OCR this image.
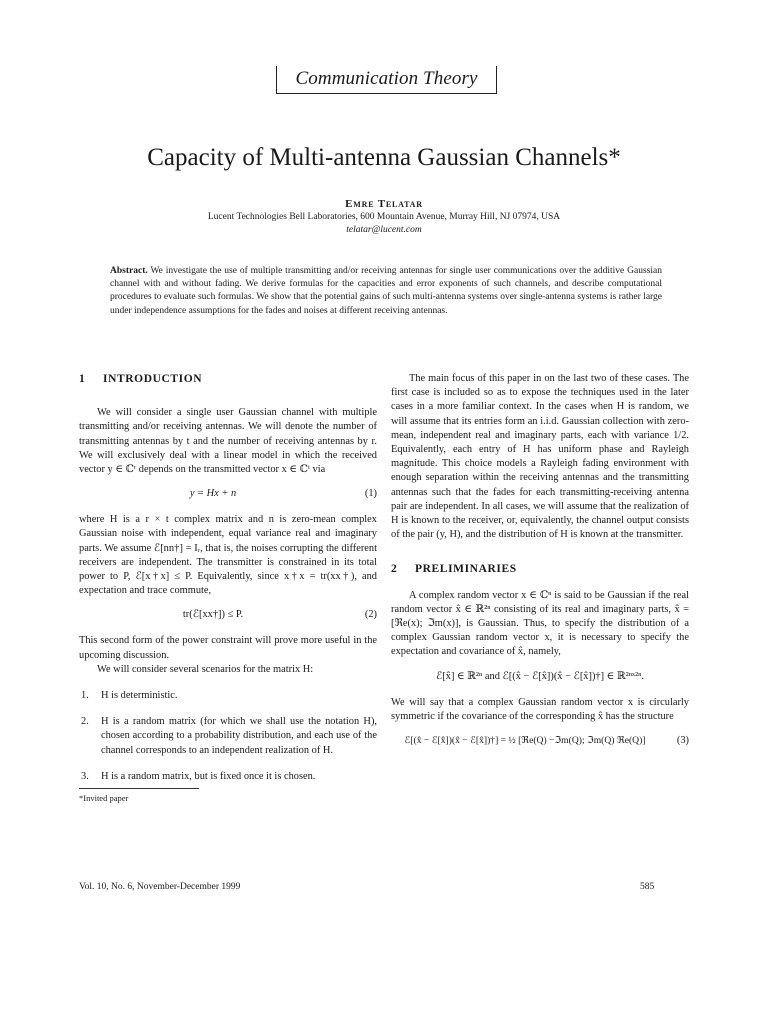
Communication Theory
Capacity of Multi-antenna Gaussian Channels*
Emre Telatar
Lucent Technologies Bell Laboratories, 600 Mountain Avenue, Murray Hill, NJ 07974, USA
telatar@lucent.com
Abstract. We investigate the use of multiple transmitting and/or receiving antennas for single user communications over the additive Gaussian channel with and without fading. We derive formulas for the capacities and error exponents of such channels, and describe computational procedures to evaluate such formulas. We show that the potential gains of such multi-antenna systems over single-antenna systems is rather large under independence assumptions for the fades and noises at different receiving antennas.
1 INTRODUCTION
We will consider a single user Gaussian channel with multiple transmitting and/or receiving antennas. We will denote the number of transmitting antennas by t and the number of receiving antennas by r. We will exclusively deal with a linear model in which the received vector y ∈ ℂʳ depends on the transmitted vector x ∈ ℂᵗ via
y = Hx + n	(1)
where H is a r × t complex matrix and n is zero-mean complex Gaussian noise with independent, equal variance real and imaginary parts. We assume ℰ[nn†] = Iᵣ, that is, the noises corrupting the different receivers are independent. The transmitter is constrained in its total power to P, ℰ[x†x] ≤ P. Equivalently, since x†x = tr(xx†), and expectation and trace commute,
tr(ℰ[xx†]) ≤ P.	(2)
This second form of the power constraint will prove more useful in the upcoming discussion.
We will consider several scenarios for the matrix H:
1. H is deterministic.
2. H is a random matrix (for which we shall use the notation H), chosen according to a probability distribution, and each use of the channel corresponds to an independent realization of H.
3. H is a random matrix, but is fixed once it is chosen.
*Invited paper
The main focus of this paper in on the last two of these cases. The first case is included so as to expose the techniques used in the later cases in a more familiar context. In the cases when H is random, we will assume that its entries form an i.i.d. Gaussian collection with zero-mean, independent real and imaginary parts, each with variance 1/2. Equivalently, each entry of H has uniform phase and Rayleigh magnitude. This choice models a Rayleigh fading environment with enough separation within the receiving antennas and the transmitting antennas such that the fades for each transmitting-receiving antenna pair are independent. In all cases, we will assume that the realization of H is known to the receiver, or, equivalently, the channel output consists of the pair (y, H), and the distribution of H is known at the transmitter.
2 PRELIMINARIES
A complex random vector x ∈ ℂⁿ is said to be Gaussian if the real random vector x̂ ∈ ℝ²ⁿ consisting of its real and imaginary parts, x̂ = [ℜe(x); ℑm(x)], is Gaussian. Thus, to specify the distribution of a complex Gaussian random vector x, it is necessary to specify the expectation and covariance of x̂, namely,
ℰ[x̂] ∈ ℝ²ⁿ and ℰ[(x̂ − ℰ[x̂])(x̂ − ℰ[x̂])†] ∈ ℝ²ⁿˣ²ⁿ.
We will say that a complex Gaussian random vector x is circularly symmetric if the covariance of the corresponding x̂ has the structure
ℰ[(x̂ − ℰ[x̂])(x̂ − ℰ[x̂])†] = ½ [ℜe(Q) −ℑm(Q); ℑm(Q) ℜe(Q)]	(3)
Vol. 10, No. 6, November-December 1999	585
